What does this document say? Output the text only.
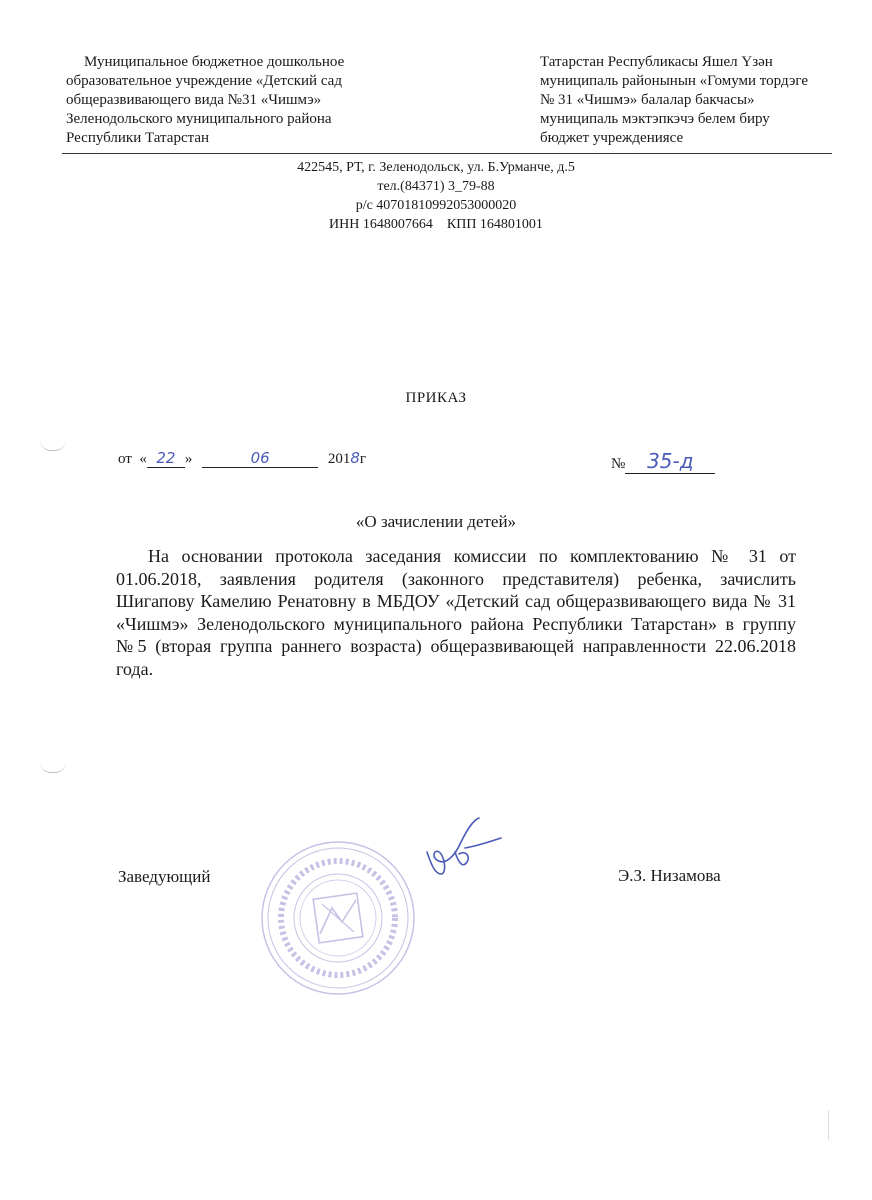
Муниципальное бюджетное дошкольное
образовательное учреждение «Детский сад
общеразвивающего вида №31 «Чишмэ»
Зеленодольского муниципального района
Республики Татарстан
Татарстан Республикасы Яшел Үзән
муниципаль районынын «Гомуми тордэге
№ 31 «Чишмэ» балалар бакчасы»
муниципаль мэктэпкэчэ белем биру
бюджет учреждениясе
422545, РТ, г. Зеленодольск, ул. Б.Урманче, д.5
тел.(84371) 3_79-88
р/с 40701810992053000020
ИНН 1648007664    КПП 164801001
ПРИКАЗ
от  « 22 »	06	2018г	№ 35-д
«О зачислении детей»
На основании протокола заседания комиссии по комплектованию № 31 от 01.06.2018, заявления родителя (законного представителя) ребенка, зачислить Шигапову Камелию Ренатовну в МБДОУ «Детский сад общеразвивающего вида № 31 «Чишмэ» Зеленодольского муниципального района Республики Татарстан» в группу №5 (вторая группа раннего возраста) общеразвивающей направленности 22.06.2018 года.
Заведующий	Э.З. Низамова
